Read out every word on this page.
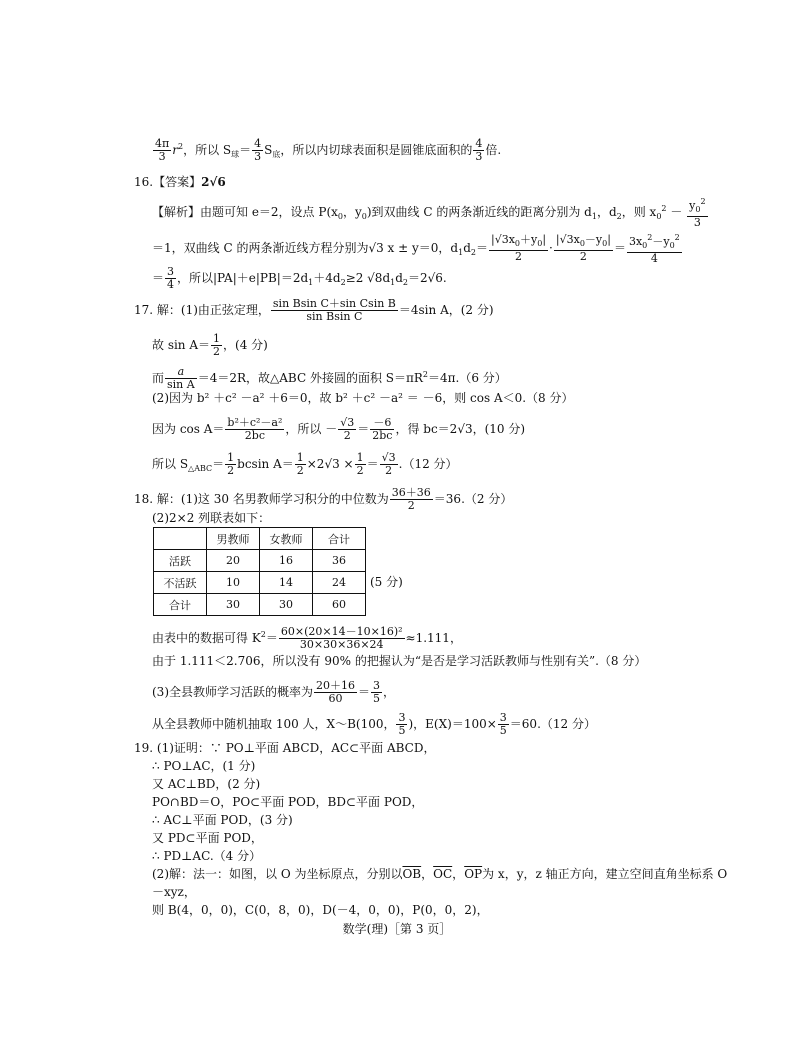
$\frac{4\pi}{3} r^2$，所以 $S_球= \frac{4}{3} S_底$，所以内切球表面积是圆锥底面积的 $\frac{4}{3}$ 倍.
16.【答案】2√6
【解析】由题可知 e＝2，设点 $P(x_0$，$y_0$)到双曲线 C 的两条渐近线的距离分别为 $d_1$，$d_2$，则 $x_0^2 - \frac{y_0^2}{3}$
＝1，双曲线 C 的两条渐近线方程分别为√3 x ± y＝0，$d_1d_2= \frac{|√3x_0+y_0|}{2} \cdot \frac{|√3x_0-y_0|}{2} = \frac{3x_0^2-y_0^2}{4}$
＝ $\frac{3}{4}$ ，所以$|PA|+e|PB|=2d_1+4d_2\ge 2$ $√8d_1d_2=2√6$.
17. 解：(1)由正弦定理， $\frac{\text{sin Bsin C＋sin Csin B}}{\text{sin Bsin C}} =4\sin$ A，(2 分)
故 $\sin A= \frac{1}{2}$ ，(4 分)
而 $\frac{a}{\text{sin A}} =4=2R$，故△ABC 外接圆的面积 $S=\pi R^2=4\pi.(6$ 分）
(2)因为 b² ＋c² －a² ＋6＝0，故 b² ＋c² －a² ＝ －6，则 cos A＜0.（8 分）
因为 $\cos A= \frac{\text{b²＋c²－a²}}{2bc}$ ，所以 － $\frac{√3}{2} = \frac{-6}{2bc}$ ，得 bc＝2√3，(10 分)
所以 $S_{\triangle ABC}= \frac{1}{2}$ bcsin $A= \frac{1}{2} \times 2√3 \times \frac{1}{2} = \frac{√3}{2} .(12$ 分）
18. 解：(1)这 30 名男教师学习积分的中位数为 $\frac{36+36}{2} =36.(2$ 分）
(2)2×2 列联表如下：
	男教师	女教师	合计
活跃	20	16	36
不活跃	10	14	24
合计	30	30	60
(5 分)
由表中的数据可得 $K^2= \frac{\text{60×(20×14－10×16)²}}{30\times 30\times 36\times 24} \approx 1.111$，
由于 1.111＜2.706，所以没有 90% 的把握认为“是否是学习活跃教师与性别有关”.（8 分）
(3)全县教师学习活跃的概率为 $\frac{20+16}{60} = \frac{3}{5}$ ，
从全县教师中随机抽取 100 人，X～B(100， $\frac{3}{5}$ )，$E(X)=100\times \frac{3}{5} =60.(12$ 分）
19. (1)证明：∵ PO⊥平面 ABCD，AC⊂平面 ABCD，
∴ PO⊥AC，(1 分)
又 AC⊥BD，(2 分)
PO∩BD＝O，PO⊂平面 POD，BD⊂平面 POD，
∴ AC⊥平面 POD，(3 分)
又 PD⊂平面 POD，
∴ PD⊥AC.（4 分）
(2)解：法一：如图，以 O 为坐标原点，分别以$\overline{OB}$，$\overline{OC}$，$\overline{OP}$为 x，y，z 轴正方向，建立空间直角坐标系 O
－xyz，
则 B(4，0，0)，C(0，8，0)，D(－4，0，0)，P(0，0，2)，
数学(理)［第 3 页］
